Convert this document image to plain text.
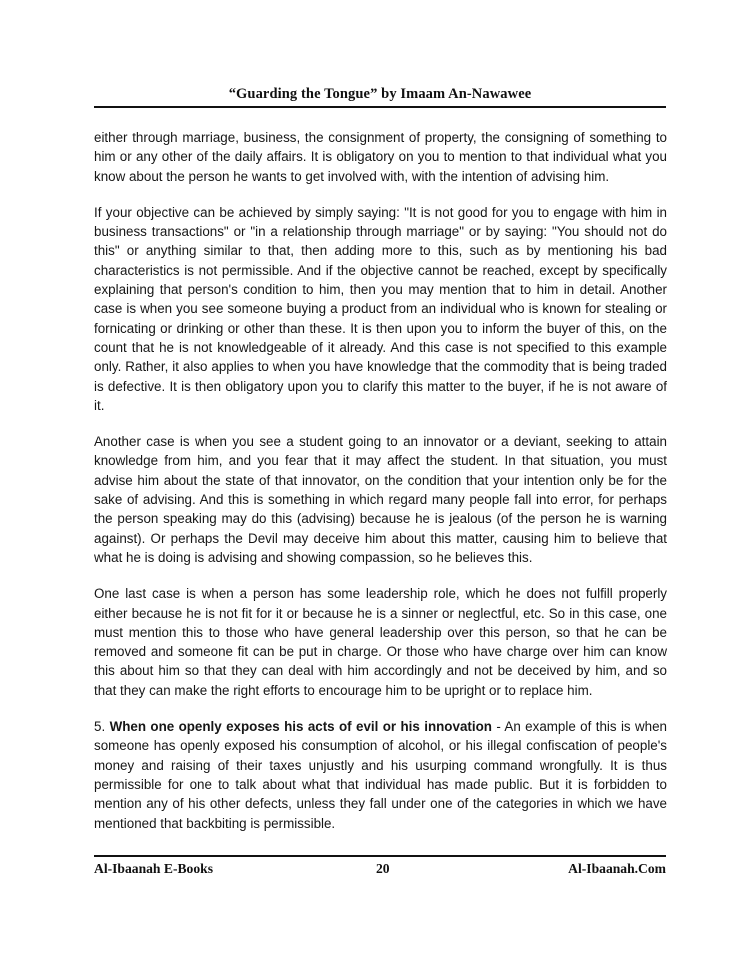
“Guarding the Tongue” by Imaam An-Nawawee

either through marriage, business, the consignment of property, the consigning of something to him or any other of the daily affairs. It is obligatory on you to mention to that individual what you know about the person he wants to get involved with, with the intention of advising him.

If your objective can be achieved by simply saying: "It is not good for you to engage with him in business transactions" or "in a relationship through marriage" or by saying: "You should not do this" or anything similar to that, then adding more to this, such as by mentioning his bad characteristics is not permissible. And if the objective cannot be reached, except by specifically explaining that person's condition to him, then you may mention that to him in detail. Another case is when you see someone buying a product from an individual who is known for stealing or fornicating or drinking or other than these. It is then upon you to inform the buyer of this, on the count that he is not knowledgeable of it already. And this case is not specified to this example only. Rather, it also applies to when you have knowledge that the commodity that is being traded is defective. It is then obligatory upon you to clarify this matter to the buyer, if he is not aware of it.

Another case is when you see a student going to an innovator or a deviant, seeking to attain knowledge from him, and you fear that it may affect the student. In that situation, you must advise him about the state of that innovator, on the condition that your intention only be for the sake of advising. And this is something in which regard many people fall into error, for perhaps the person speaking may do this (advising) because he is jealous (of the person he is warning against). Or perhaps the Devil may deceive him about this matter, causing him to believe that what he is doing is advising and showing compassion, so he believes this.

One last case is when a person has some leadership role, which he does not fulfill properly either because he is not fit for it or because he is a sinner or neglectful, etc. So in this case, one must mention this to those who have general leadership over this person, so that he can be removed and someone fit can be put in charge. Or those who have charge over him can know this about him so that they can deal with him accordingly and not be deceived by him, and so that they can make the right efforts to encourage him to be upright or to replace him.

5. When one openly exposes his acts of evil or his innovation - An example of this is when someone has openly exposed his consumption of alcohol, or his illegal confiscation of people's money and raising of their taxes unjustly and his usurping command wrongfully. It is thus permissible for one to talk about what that individual has made public. But it is forbidden to mention any of his other defects, unless they fall under one of the categories in which we have mentioned that backbiting is permissible.

Al-Ibaanah E-Books	20	Al-Ibaanah.Com
